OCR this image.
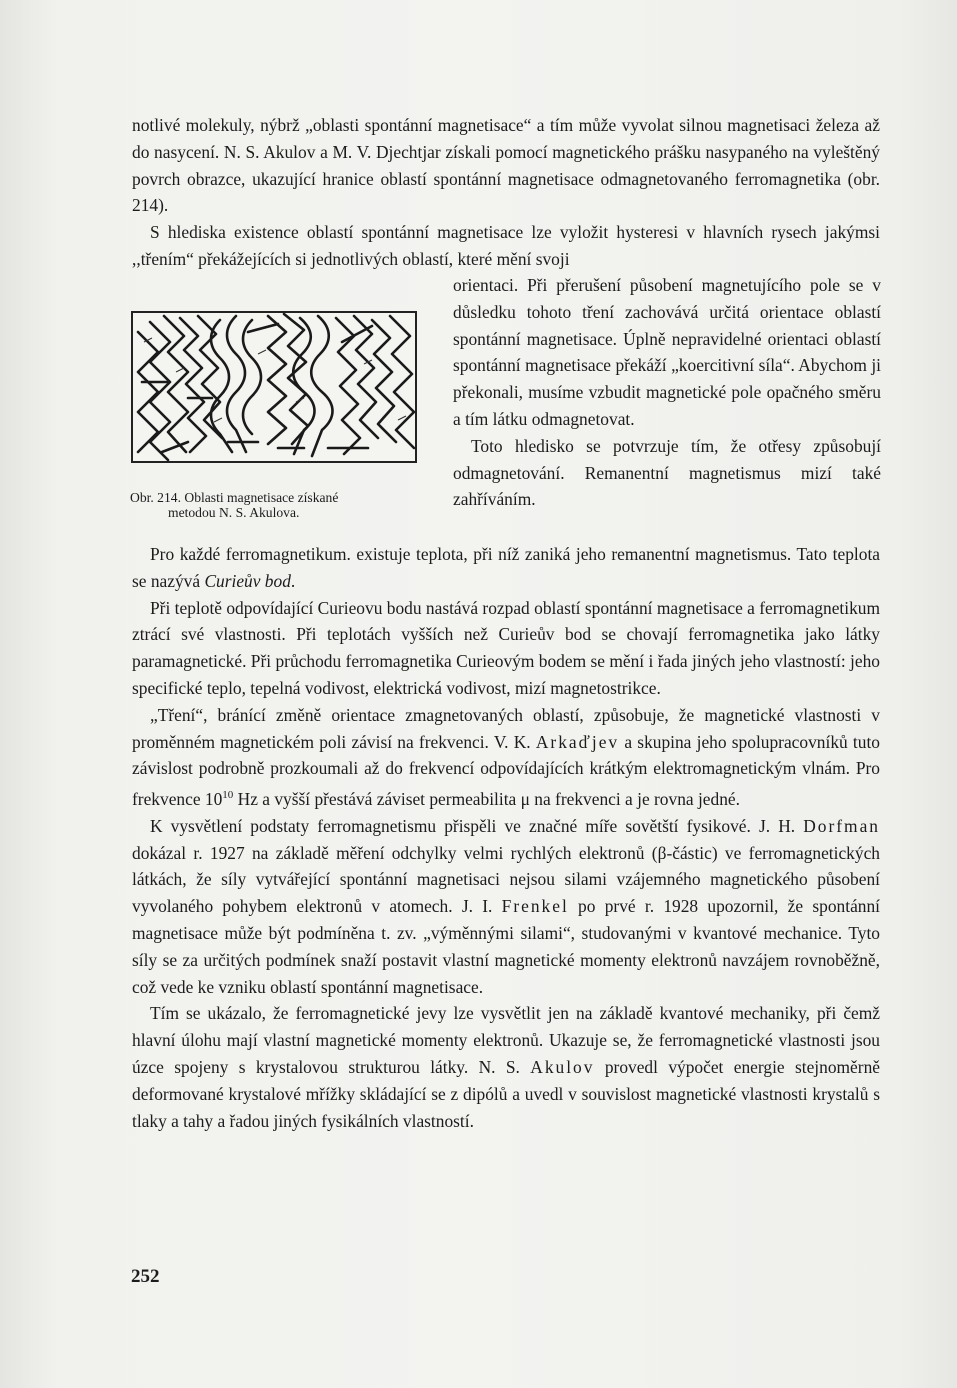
notlivé molekuly, nýbrž „oblasti spontánní magnetisace“ a tím může vyvolat silnou magnetisaci železa až do nasycení. N. S. Akulov a M. V. Djechtjar získali pomocí magnetického prášku nasypaného na vyleštěný povrch obrazce, ukazující hranice oblastí spontánní magnetisace odmagnetovaného ferromagnetika (obr. 214).

S hlediska existence oblastí spontánní magnetisace lze vyložit hysteresi v hlavních rysech jakýmsi ,,třením“ překážejících si jednotlivých oblastí, které mění svoji

Obr. 214. Oblasti magnetisace získané
metodou N. S. Akulova.

orientaci. Při přerušení působení magnetujícího pole se v důsledku tohoto tření zachovává určitá orientace oblastí spontánní magnetisace. Úplně nepravidelné orientaci oblastí spontánní magnetisace překáží „koercitivní síla“. Abychom ji překonali, musíme vzbudit magnetické pole opačného směru a tím látku odmagnetovat.

Toto hledisko se potvrzuje tím, že otřesy způsobují odmagnetování. Remanentní magnetismus mizí také zahříváním.

Pro každé ferromagnetikum. existuje teplota, při níž zaniká jeho remanentní magnetismus. Tato teplota se nazývá Curieův bod.

Při teplotě odpovídající Curieovu bodu nastává rozpad oblastí spontánní magnetisace a ferromagnetikum ztrácí své vlastnosti. Při teplotách vyšších než Curieův bod se chovají ferromagnetika jako látky paramagnetické. Při průchodu ferromagnetika Curieovým bodem se mění i řada jiných jeho vlastností: jeho specifické teplo, tepelná vodivost, elektrická vodivost, mizí magnetostrikce.

„Tření“, bránící změně orientace zmagnetovaných oblastí, způsobuje, že magnetické vlastnosti v proměnném magnetickém poli závisí na frekvenci. V. K. Arkaďjev a skupina jeho spolupracovníků tuto závislost podrobně prozkoumali až do frekvencí odpovídajících krátkým elektromagnetickým vlnám. Pro frekvence $10^{10}$ Hz a vyšší přestává záviset permeabilita μ na frekvenci a je rovna jedné.

K vysvětlení podstaty ferromagnetismu přispěli ve značné míře sovětští fysikové. J. H. Dorfman dokázal r. 1927 na základě měření odchylky velmi rychlých elektronů (β-částic) ve ferromagnetických látkách, že síly vytvářející spontánní magnetisaci nejsou silami vzájemného magnetického působení vyvolaného pohybem elektronů v atomech. J. I. Frenkel po prvé r. 1928 upozornil, že spontánní magnetisace může být podmíněna t. zv. „výměnnými silami“, studovanými v kvantové mechanice. Tyto síly se za určitých podmínek snaží postavit vlastní magnetické momenty elektronů navzájem rovnoběžně, což vede ke vzniku oblastí spontánní magnetisace.

Tím se ukázalo, že ferromagnetické jevy lze vysvětlit jen na základě kvantové mechaniky, při čemž hlavní úlohu mají vlastní magnetické momenty elektronů. Ukazuje se, že ferromagnetické vlastnosti jsou úzce spojeny s krystalovou strukturou látky. N. S. Akulov provedl výpočet energie stejnoměrně deformované krystalové mřížky skládající se z dipólů a uvedl v souvislost magnetické vlastnosti krystalů s tlaky a tahy a řadou jiných fysikálních vlastností.

252
